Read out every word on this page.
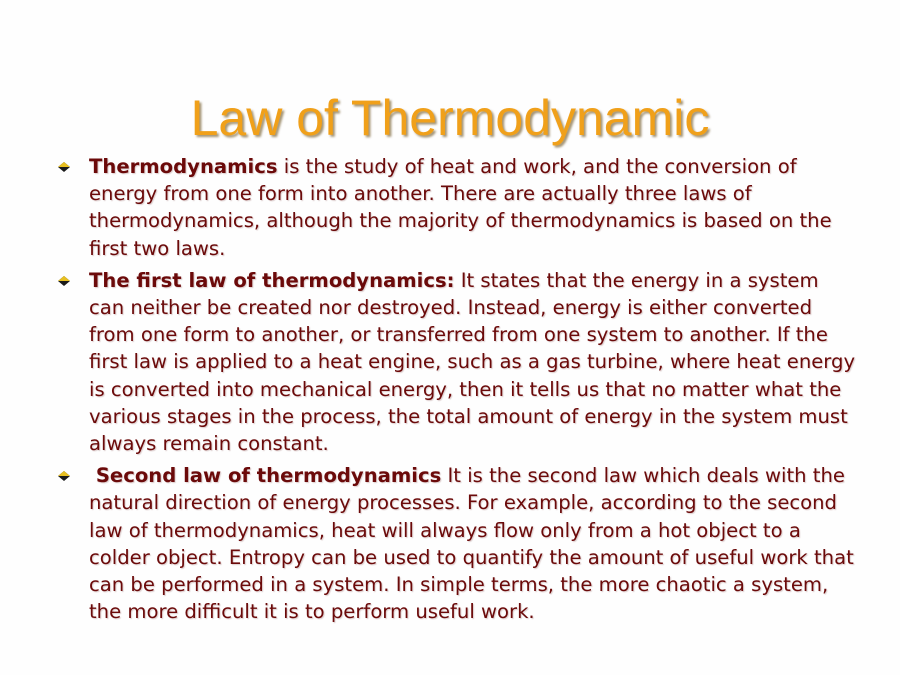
Law of Thermodynamic
Thermodynamics is the study of heat and work, and the conversion of energy from one form into another. There are actually three laws of thermodynamics, although the majority of thermodynamics is based on the first two laws.
The first law of thermodynamics: It states that the energy in a system can neither be created nor destroyed. Instead, energy is either converted from one form to another, or transferred from one system to another. If the first law is applied to a heat engine, such as a gas turbine, where heat energy is converted into mechanical energy, then it tells us that no matter what the various stages in the process, the total amount of energy in the system must always remain constant.
Second law of thermodynamics It is the second law which deals with the natural direction of energy processes. For example, according to the second law of thermodynamics, heat will always flow only from a hot object to a colder object. Entropy can be used to quantify the amount of useful work that can be performed in a system. In simple terms, the more chaotic a system, the more difficult it is to perform useful work.
